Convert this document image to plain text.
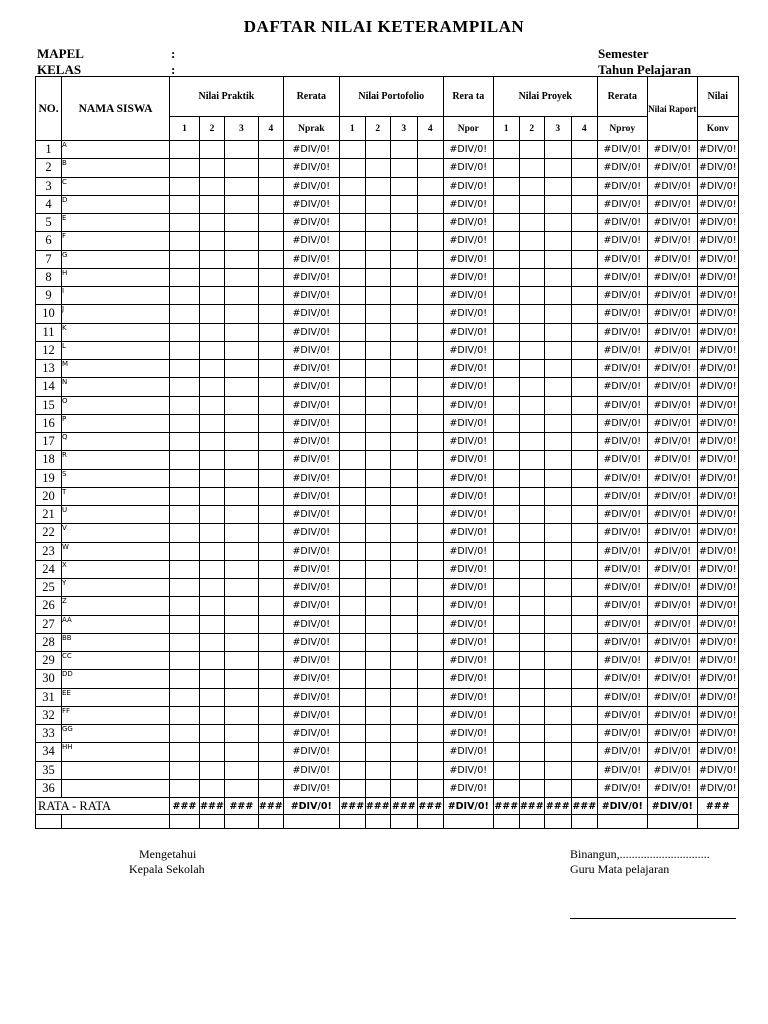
DAFTAR NILAI KETERAMPILAN
MAPEL	:
KELAS	:
Semester
Tahun Pelajaran
NO.	NAMA SISWA	Nilai Praktik				Rerata	Nilai Portofolio				Rera ta	Nilai Proyek				Rerata	Nilai Raport	Nilai
		1	2	3	4	Nprak	1	2	3	4	Npor	1	2	3	4	Nproy		Konv
1	A					#DIV/0!					#DIV/0!					#DIV/0!	#DIV/0!	#DIV/0!
2	B					#DIV/0!					#DIV/0!					#DIV/0!	#DIV/0!	#DIV/0!
3	C					#DIV/0!					#DIV/0!					#DIV/0!	#DIV/0!	#DIV/0!
4	D					#DIV/0!					#DIV/0!					#DIV/0!	#DIV/0!	#DIV/0!
5	E					#DIV/0!					#DIV/0!					#DIV/0!	#DIV/0!	#DIV/0!
6	F					#DIV/0!					#DIV/0!					#DIV/0!	#DIV/0!	#DIV/0!
7	G					#DIV/0!					#DIV/0!					#DIV/0!	#DIV/0!	#DIV/0!
8	H					#DIV/0!					#DIV/0!					#DIV/0!	#DIV/0!	#DIV/0!
9	I					#DIV/0!					#DIV/0!					#DIV/0!	#DIV/0!	#DIV/0!
10	J					#DIV/0!					#DIV/0!					#DIV/0!	#DIV/0!	#DIV/0!
11	K					#DIV/0!					#DIV/0!					#DIV/0!	#DIV/0!	#DIV/0!
12	L					#DIV/0!					#DIV/0!					#DIV/0!	#DIV/0!	#DIV/0!
13	M					#DIV/0!					#DIV/0!					#DIV/0!	#DIV/0!	#DIV/0!
14	N					#DIV/0!					#DIV/0!					#DIV/0!	#DIV/0!	#DIV/0!
15	O					#DIV/0!					#DIV/0!					#DIV/0!	#DIV/0!	#DIV/0!
16	P					#DIV/0!					#DIV/0!					#DIV/0!	#DIV/0!	#DIV/0!
17	Q					#DIV/0!					#DIV/0!					#DIV/0!	#DIV/0!	#DIV/0!
18	R					#DIV/0!					#DIV/0!					#DIV/0!	#DIV/0!	#DIV/0!
19	S					#DIV/0!					#DIV/0!					#DIV/0!	#DIV/0!	#DIV/0!
20	T					#DIV/0!					#DIV/0!					#DIV/0!	#DIV/0!	#DIV/0!
21	U					#DIV/0!					#DIV/0!					#DIV/0!	#DIV/0!	#DIV/0!
22	V					#DIV/0!					#DIV/0!					#DIV/0!	#DIV/0!	#DIV/0!
23	W					#DIV/0!					#DIV/0!					#DIV/0!	#DIV/0!	#DIV/0!
24	X					#DIV/0!					#DIV/0!					#DIV/0!	#DIV/0!	#DIV/0!
25	Y					#DIV/0!					#DIV/0!					#DIV/0!	#DIV/0!	#DIV/0!
26	Z					#DIV/0!					#DIV/0!					#DIV/0!	#DIV/0!	#DIV/0!
27	AA					#DIV/0!					#DIV/0!					#DIV/0!	#DIV/0!	#DIV/0!
28	BB					#DIV/0!					#DIV/0!					#DIV/0!	#DIV/0!	#DIV/0!
29	CC					#DIV/0!					#DIV/0!					#DIV/0!	#DIV/0!	#DIV/0!
30	DD					#DIV/0!					#DIV/0!					#DIV/0!	#DIV/0!	#DIV/0!
31	EE					#DIV/0!					#DIV/0!					#DIV/0!	#DIV/0!	#DIV/0!
32	FF					#DIV/0!					#DIV/0!					#DIV/0!	#DIV/0!	#DIV/0!
33	GG					#DIV/0!					#DIV/0!					#DIV/0!	#DIV/0!	#DIV/0!
34	HH					#DIV/0!					#DIV/0!					#DIV/0!	#DIV/0!	#DIV/0!
35						#DIV/0!					#DIV/0!					#DIV/0!	#DIV/0!	#DIV/0!
36						#DIV/0!					#DIV/0!					#DIV/0!	#DIV/0!	#DIV/0!
RATA - RATA		###	###	###	###	#DIV/0!	###	###	###	###	#DIV/0!	###	###	###	###	#DIV/0!	#DIV/0!	###

Mengetahui
Kepala Sekolah
Binangun,..............................
Guru Mata pelajaran
